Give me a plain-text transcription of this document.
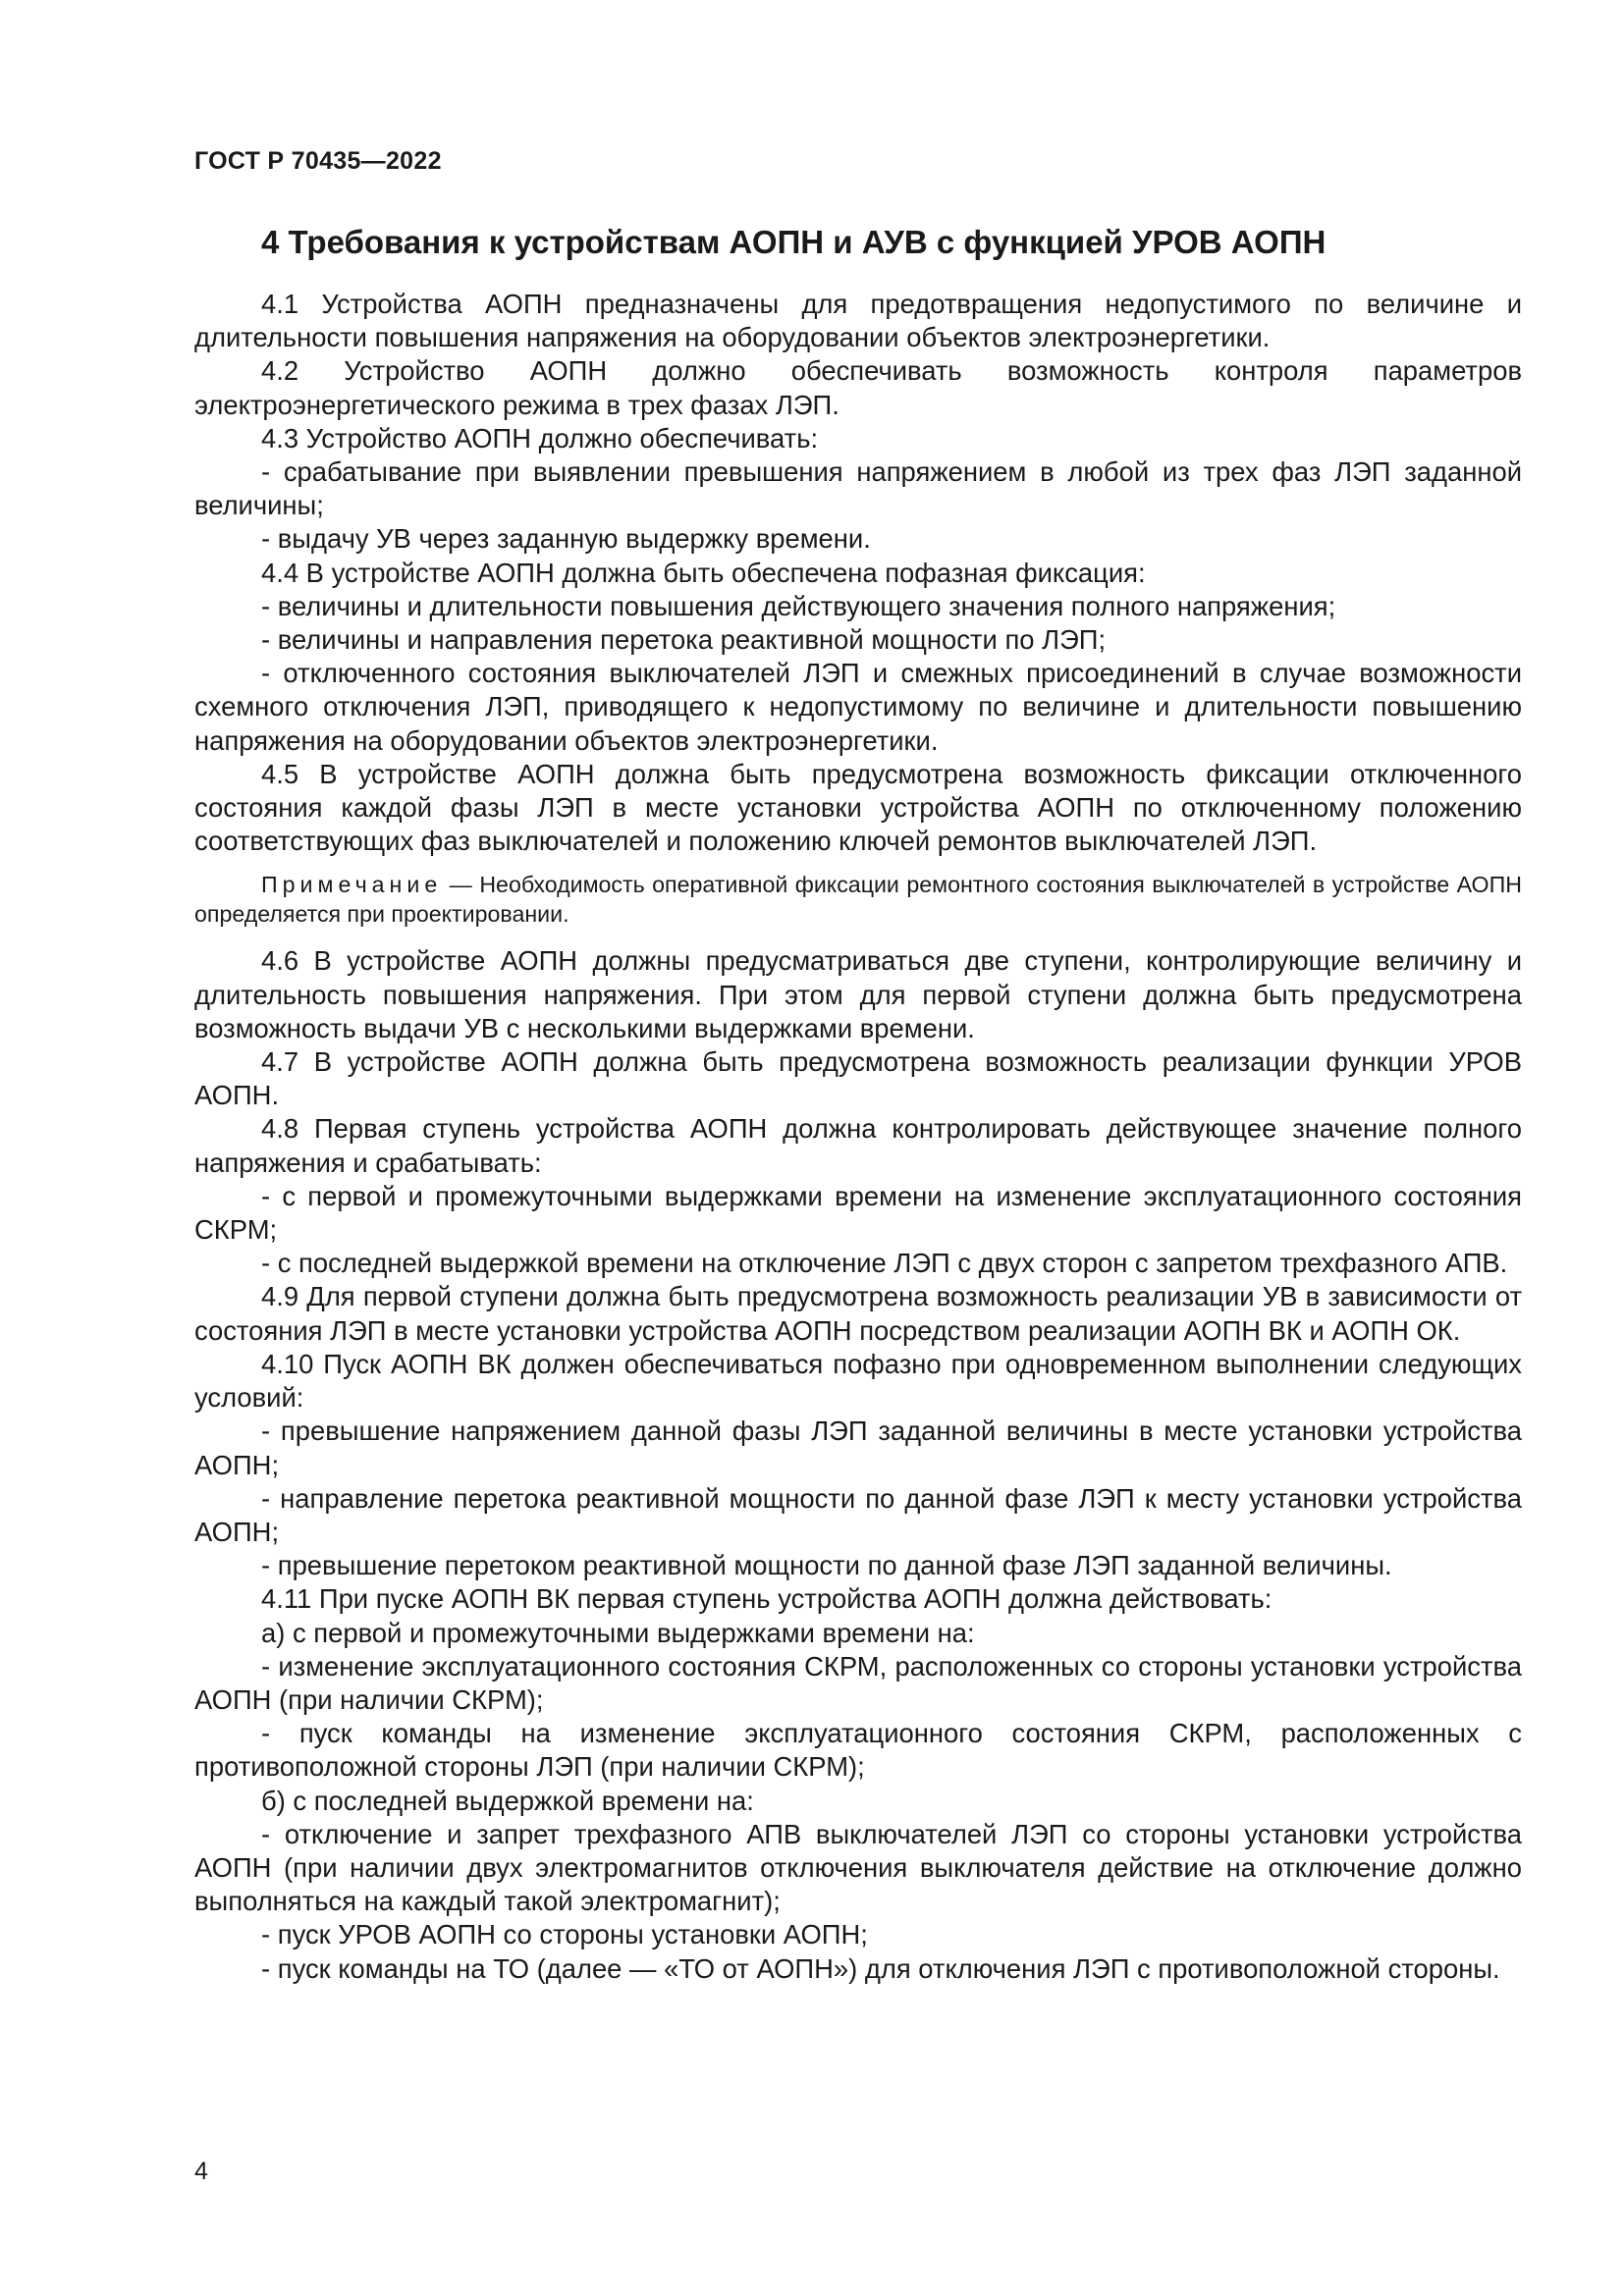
ГОСТ Р 70435—2022
4 Требования к устройствам АОПН и АУВ с функцией УРОВ АОПН

4.1 Устройства АОПН предназначены для предотвращения недопустимого по величине и длительности повышения напряжения на оборудовании объектов электроэнергетики.

4.2 Устройство АОПН должно обеспечивать возможность контроля параметров электроэнергетического режима в трех фазах ЛЭП.

4.3 Устройство АОПН должно обеспечивать:

- срабатывание при выявлении превышения напряжением в любой из трех фаз ЛЭП заданной величины;

- выдачу УВ через заданную выдержку времени.

4.4 В устройстве АОПН должна быть обеспечена пофазная фиксация:

- величины и длительности повышения действующего значения полного напряжения;

- величины и направления перетока реактивной мощности по ЛЭП;

- отключенного состояния выключателей ЛЭП и смежных присоединений в случае возможности схемного отключения ЛЭП, приводящего к недопустимому по величине и длительности повышению напряжения на оборудовании объектов электроэнергетики.

4.5 В устройстве АОПН должна быть предусмотрена возможность фиксации отключенного состояния каждой фазы ЛЭП в месте установки устройства АОПН по отключенному положению соответствующих фаз выключателей и положению ключей ремонтов выключателей ЛЭП.

Примечание — Необходимость оперативной фиксации ремонтного состояния выключателей в устройстве АОПН определяется при проектировании.

4.6 В устройстве АОПН должны предусматриваться две ступени, контролирующие величину и длительность повышения напряжения. При этом для первой ступени должна быть предусмотрена возможность выдачи УВ с несколькими выдержками времени.

4.7 В устройстве АОПН должна быть предусмотрена возможность реализации функции УРОВ АОПН.

4.8 Первая ступень устройства АОПН должна контролировать действующее значение полного напряжения и срабатывать:

- с первой и промежуточными выдержками времени на изменение эксплуатационного состояния СКРМ;

- с последней выдержкой времени на отключение ЛЭП с двух сторон с запретом трехфазного АПВ.

4.9 Для первой ступени должна быть предусмотрена возможность реализации УВ в зависимости от состояния ЛЭП в месте установки устройства АОПН посредством реализации АОПН ВК и АОПН ОК.

4.10 Пуск АОПН ВК должен обеспечиваться пофазно при одновременном выполнении следующих условий:

- превышение напряжением данной фазы ЛЭП заданной величины в месте установки устройства АОПН;

- направление перетока реактивной мощности по данной фазе ЛЭП к месту установки устройства АОПН;

- превышение перетоком реактивной мощности по данной фазе ЛЭП заданной величины.

4.11 При пуске АОПН ВК первая ступень устройства АОПН должна действовать:

а) с первой и промежуточными выдержками времени на:

- изменение эксплуатационного состояния СКРМ, расположенных со стороны установки устройства АОПН (при наличии СКРМ);

- пуск команды на изменение эксплуатационного состояния СКРМ, расположенных с противоположной стороны ЛЭП (при наличии СКРМ);

б) с последней выдержкой времени на:

- отключение и запрет трехфазного АПВ выключателей ЛЭП со стороны установки устройства АОПН (при наличии двух электромагнитов отключения выключателя действие на отключение должно выполняться на каждый такой электромагнит);

- пуск УРОВ АОПН со стороны установки АОПН;

- пуск команды на ТО (далее — «ТО от АОПН») для отключения ЛЭП с противоположной стороны.

4
